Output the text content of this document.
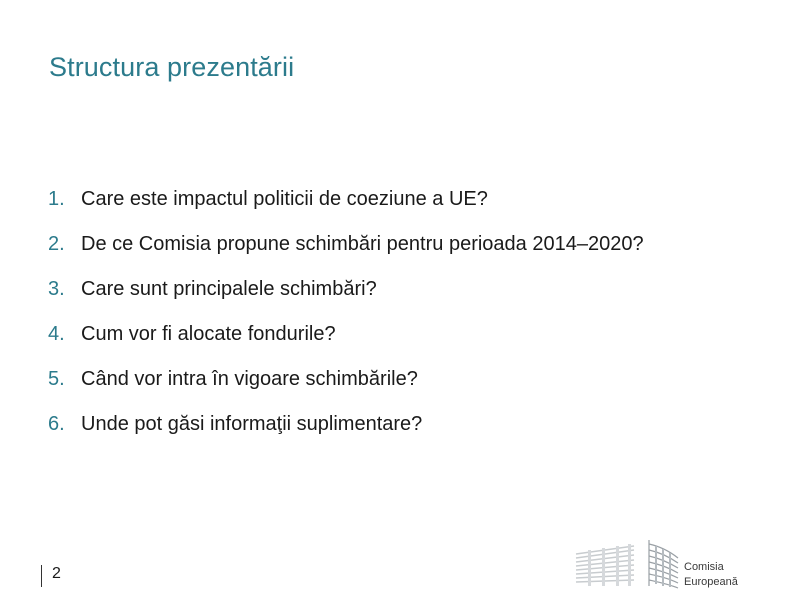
Structura prezentării
1. Care este impactul politicii de coeziune a UE?
2. De ce Comisia propune schimbări pentru perioada 2014–2020?
3. Care sunt principalele schimbări?
4. Cum vor fi alocate fondurile?
5. Când vor intra în vigoare schimbările?
6. Unde pot găsi informaţii suplimentare?
2	Comisia
Europeană
